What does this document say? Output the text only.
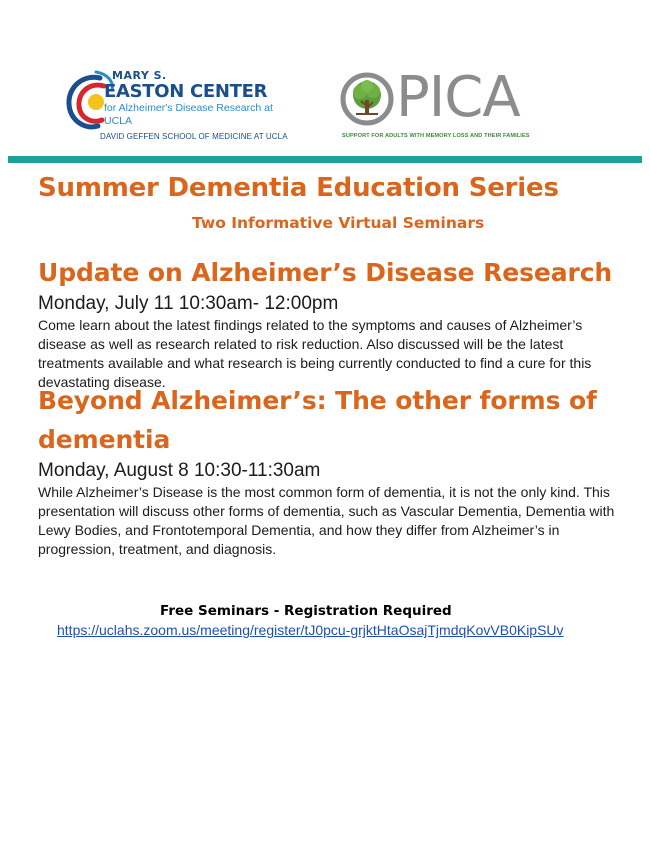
MARY S.
EASTON CENTER
for Alzheimer's Disease Research at UCLA
DAVID GEFFEN SCHOOL OF MEDICINE AT UCLA
PICA
SUPPORT FOR ADULTS WITH MEMORY LOSS AND THEIR FAMILIES
Summer Dementia Education Series
Two Informative Virtual Seminars
Update on Alzheimer’s Disease Research

Monday, July 11 10:30am- 12:00pm

Come learn about the latest findings related to the symptoms and causes of Alzheimer’s disease as well as research related to risk reduction. Also discussed will be the latest treatments available and what research is being currently conducted to find a cure for this devastating disease.

Beyond Alzheimer’s: The other forms of dementia

Monday, August 8 10:30-11:30am

While Alzheimer’s Disease is the most common form of dementia, it is not the only kind. This presentation will discuss other forms of dementia, such as Vascular Dementia, Dementia with Lewy Bodies, and Frontotemporal Dementia, and how they differ from Alzheimer’s in progression, treatment, and diagnosis.

Free Seminars - Registration Required

https://uclahs.zoom.us/meeting/register/tJ0pcu-grjktHtaOsajTjmdqKovVB0KipSUv
